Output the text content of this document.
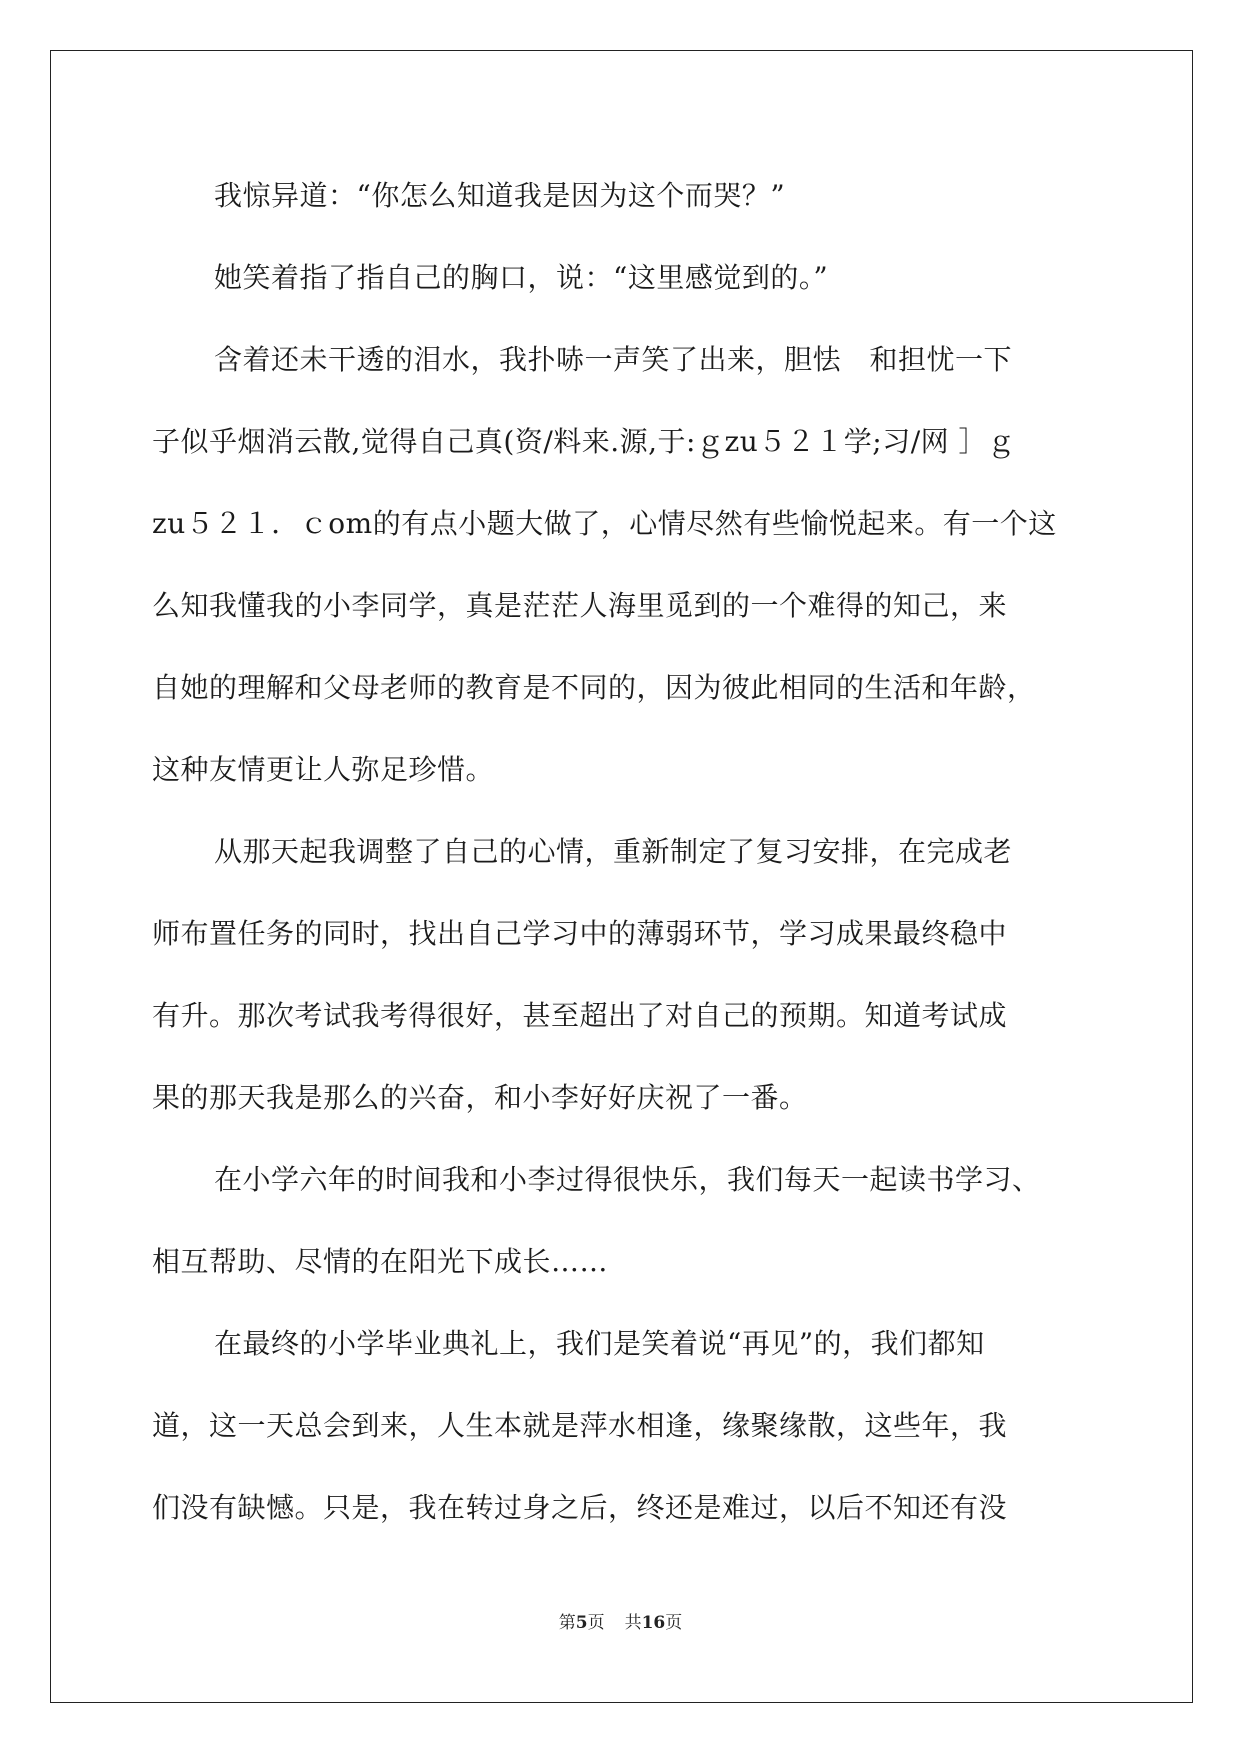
我惊异道：“你怎么知道我是因为这个而哭？”
她笑着指了指自己的胸口，说：“这里感觉到的。”
含着还未干透的泪水，我扑哧一声笑了出来，胆怯　和担忧一下
子似乎烟消云散,觉得自己真(资/料来.源,于:ｇzu５２１学;习/网 ］ｇ
zu５２１．ｃom的有点小题大做了，心情尽然有些愉悦起来。有一个这
么知我懂我的小李同学，真是茫茫人海里觅到的一个难得的知己，来
自她的理解和父母老师的教育是不同的，因为彼此相同的生活和年龄，
这种友情更让人弥足珍惜。
从那天起我调整了自己的心情，重新制定了复习安排，在完成老
师布置任务的同时，找出自己学习中的薄弱环节，学习成果最终稳中
有升。那次考试我考得很好，甚至超出了对自己的预期。知道考试成
果的那天我是那么的兴奋，和小李好好庆祝了一番。
在小学六年的时间我和小李过得很快乐，我们每天一起读书学习、
相互帮助、尽情的在阳光下成长……
在最终的小学毕业典礼上，我们是笑着说“再见”的，我们都知
道，这一天总会到来，人生本就是萍水相逢，缘聚缘散，这些年，我
们没有缺憾。只是，我在转过身之后，终还是难过，以后不知还有没
第5页 共16页
